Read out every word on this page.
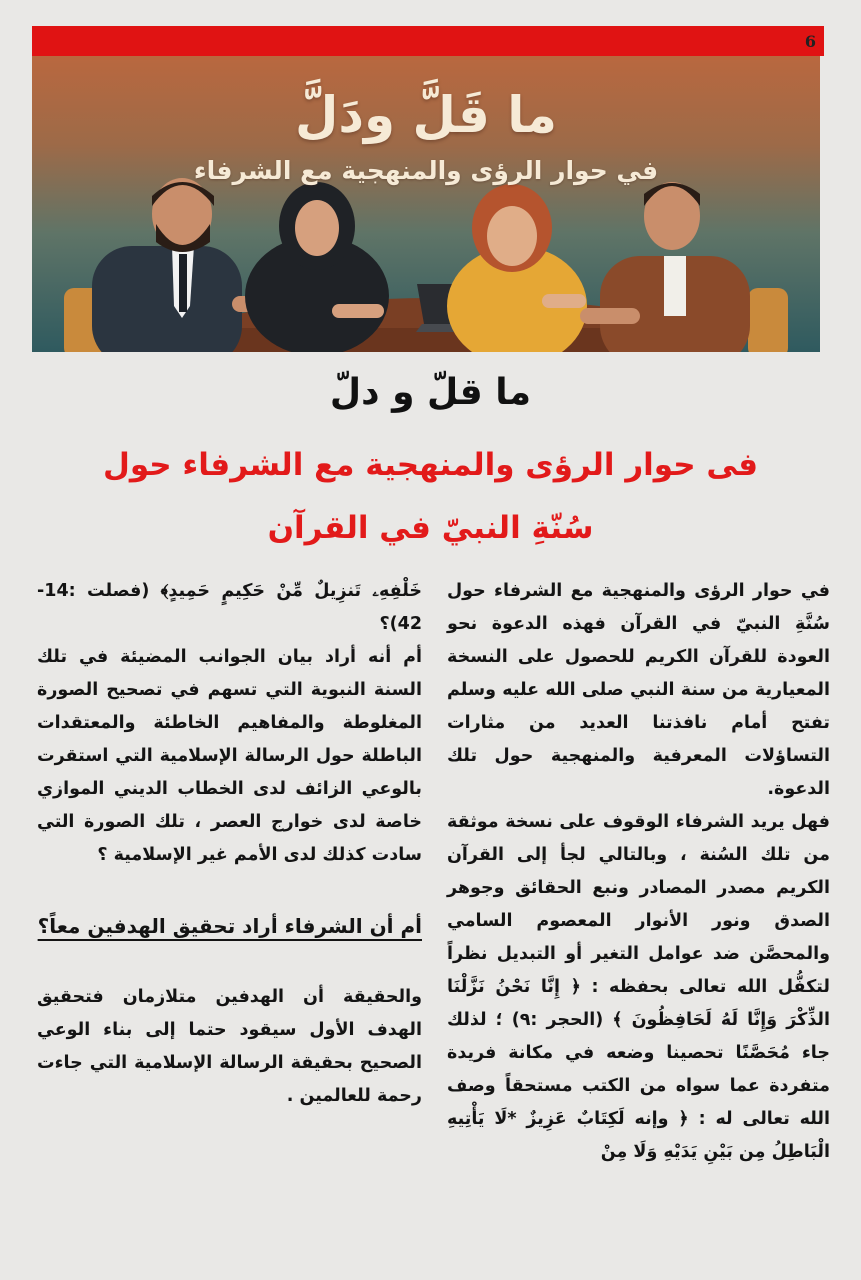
6
ما قَلَّ ودَلَّ
في حوار الرؤى والمنهجية مع الشرفاء
ما قلّ و دلّ
فى حوار الرؤى والمنهجية مع الشرفاء حول
سُنّةِ النبيّ في القرآن

في حوار الرؤى والمنهجية مع الشرفاء حول سُنَّةِ النبيّ في القرآن فهذه الدعوة نحو العودة للقرآن الكريم للحصول على النسخة المعيارية من سنة النبي صلى الله عليه وسلم تفتح أمام نافذتنا العديد من مثارات التساؤلات المعرفية والمنهجية حول تلك الدعوة.

فهل يريد الشرفاء الوقوف على نسخة موثقة من تلك السُنة ، وبالتالي لجأ إلى القرآن الكريم مصدر المصادر ونبع الحقائق وجوهر الصدق ونور الأنوار المعصوم السامي والمحصَّن ضد عوامل التغير أو التبديل نظراً لتكفُّل الله تعالى بحفظه : ﴿ إِنَّا نَحْنُ نَزَّلْنَا الذِّكْرَ وَإِنَّا لَهُ لَحَافِظُونَ ﴾ (الحجر :٩) ؛ لذلك جاء مُحَصَّنًا تحصينا وضعه في مكانة فريدة متفردة عما سواه من الكتب مستحقاً وصف الله تعالى له : ﴿ وإنه لَكِتَابٌ عَزِيزٌ *لَا يَأْتِيهِ الْبَاطِلُ مِن بَيْنِ يَدَيْهِ وَلَا مِنْ

خَلْفِهِۦ تَنزِيلٌ مِّنْ حَكِيمٍ حَمِيدٍ﴾ (فصلت :14-42)؟

أم أنه أراد بيان الجوانب المضيئة في تلك السنة النبوية التي تسهم في تصحيح الصورة المغلوطة والمفاهيم الخاطئة والمعتقدات الباطلة حول الرسالة الإسلامية التي استقرت بالوعي الزائف لدى الخطاب الديني الموازي خاصة لدى خوارج العصر ، تلك الصورة التي سادت كذلك لدى الأمم غير الإسلامية ؟

أم أن الشرفاء أراد تحقيق الهدفين معاً؟

والحقيقة أن الهدفين متلازمان فتحقيق الهدف الأول سيقود حتما إلى بناء الوعي الصحيح بحقيقة الرسالة الإسلامية التي جاءت رحمة للعالمين .
